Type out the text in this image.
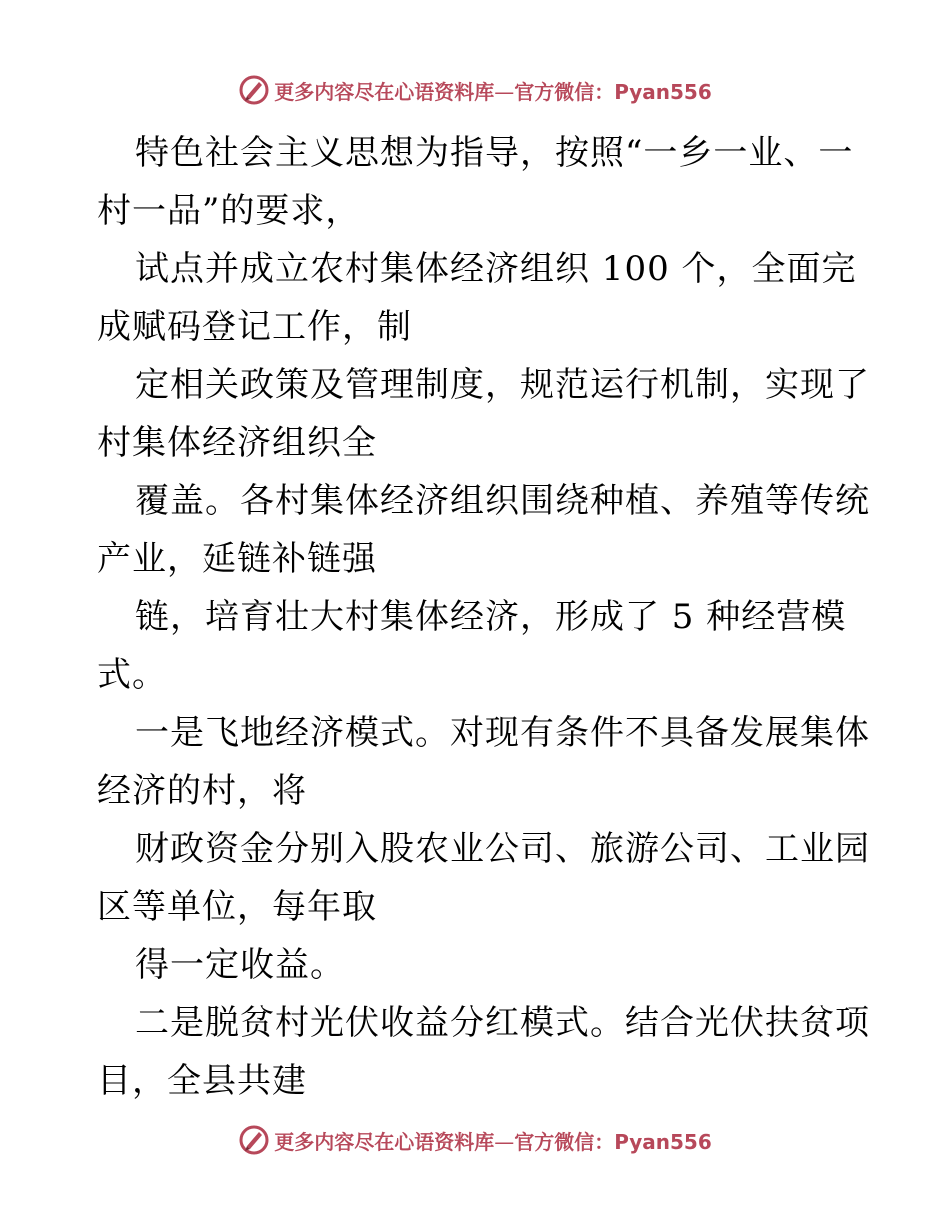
更多内容尽在心语资料库—官方微信：Pyan556
特色社会主义思想为指导，按照“一乡一业、一
村一品”的要求，
试点并成立农村集体经济组织 100 个，全面完
成赋码登记工作，制
定相关政策及管理制度，规范运行机制，实现了
村集体经济组织全
覆盖。各村集体经济组织围绕种植、养殖等传统
产业，延链补链强
链，培育壮大村集体经济，形成了 5 种经营模
式。
一是飞地经济模式。对现有条件不具备发展集体
经济的村，将
财政资金分别入股农业公司、旅游公司、工业园
区等单位，每年取
得一定收益。
二是脱贫村光伏收益分红模式。结合光伏扶贫项
目，全县共建
更多内容尽在心语资料库—官方微信：Pyan556
